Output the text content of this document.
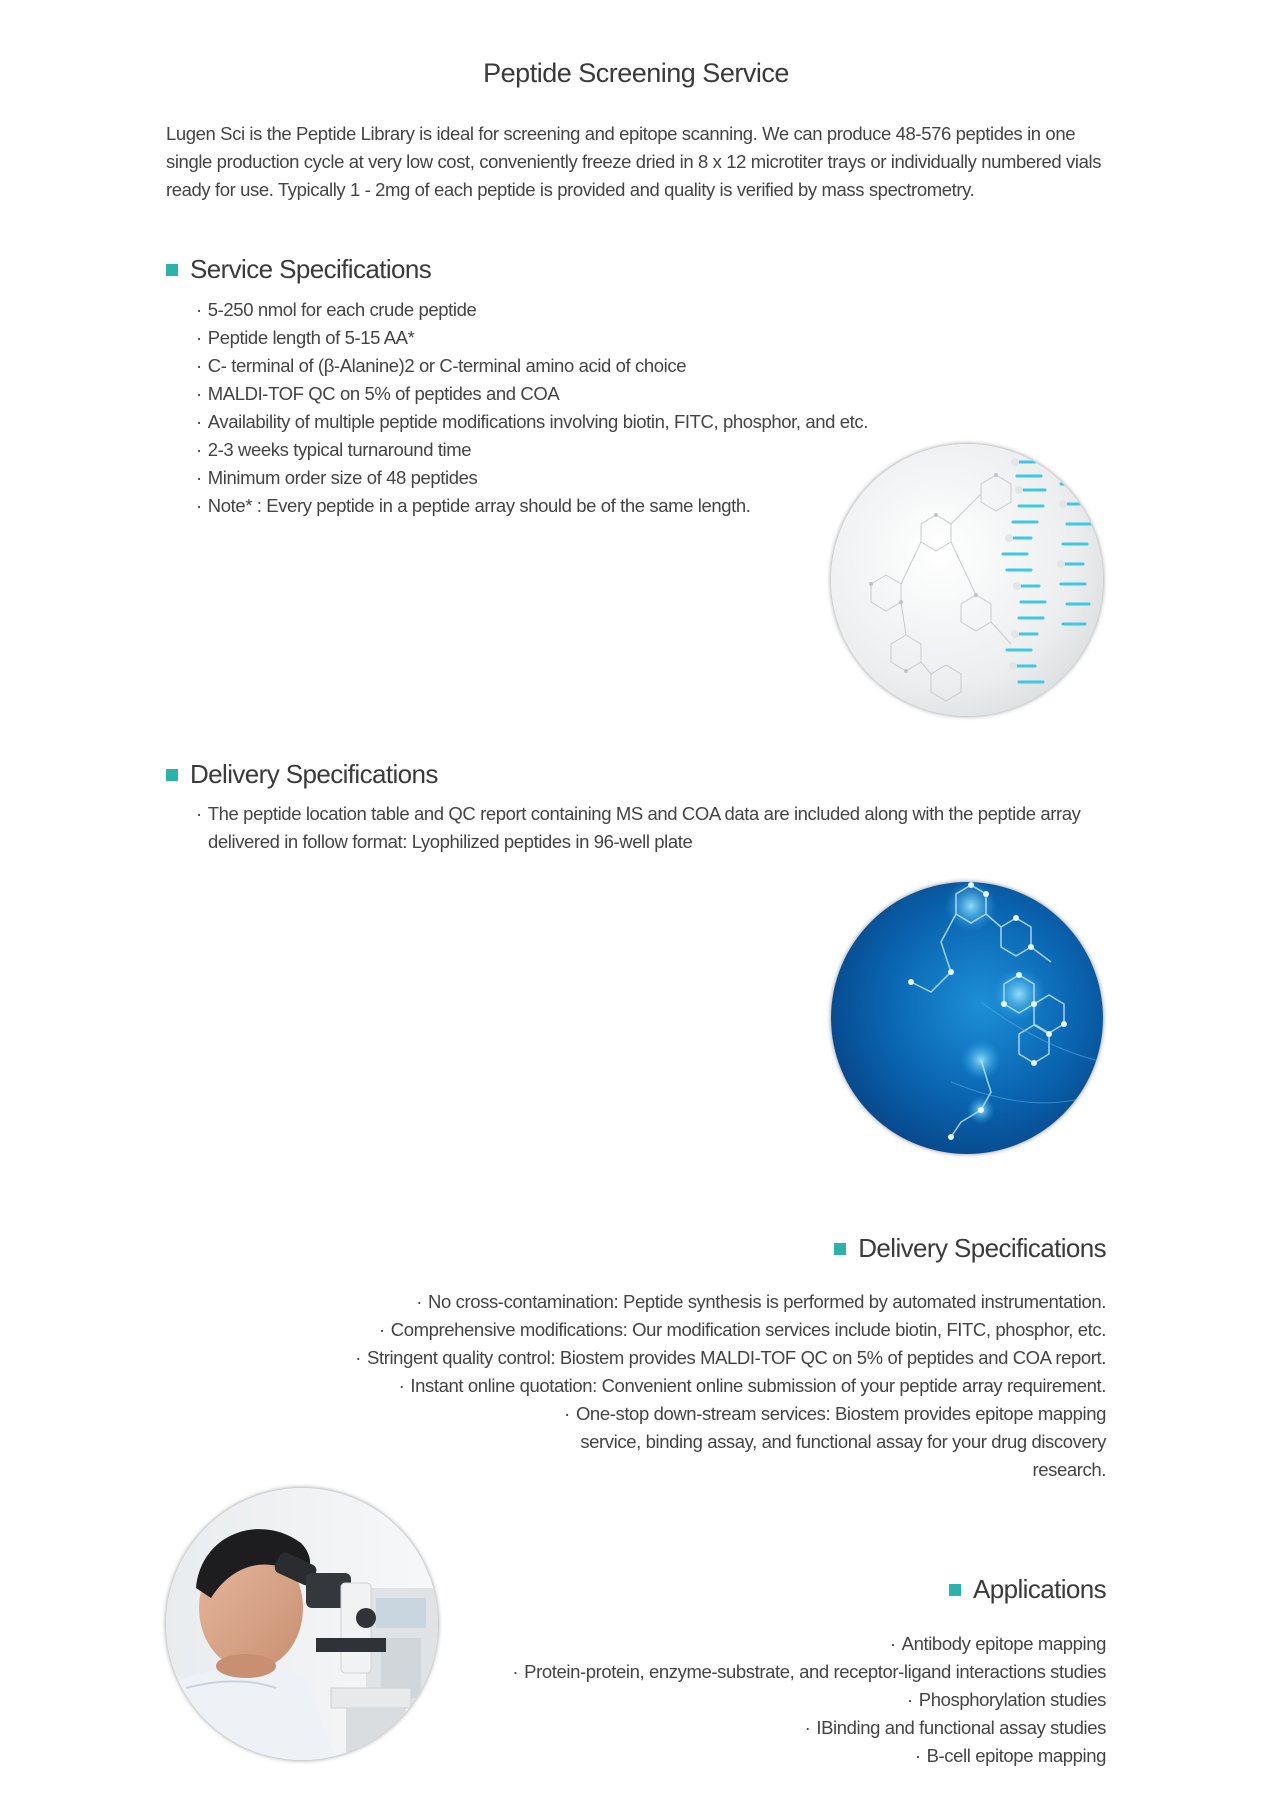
Peptide Screening Service
Lugen Sci is the Peptide Library is ideal for screening and epitope scanning. We can produce 48-576 peptides in one single production cycle at very low cost, conveniently freeze dried in 8 x 12 microtiter trays or individually numbered vials ready for use. Typically 1 - 2mg of each peptide is provided and quality is verified by mass spectrometry.
Service Specifications
· 5-250 nmol for each crude peptide
· Peptide length of 5-15 AA*
· C- terminal of (β-Alanine)2 or C-terminal amino acid of choice
· MALDI-TOF QC on 5% of peptides and COA
· Availability of multiple peptide modifications involving biotin, FITC, phosphor, and etc.
· 2-3 weeks typical turnaround time
· Minimum order size of 48 peptides
· Note* : Every peptide in a peptide array should be of the same length.
Delivery Specifications
· The peptide location table and QC report containing MS and COA data are included along with the peptide array delivered in follow format: Lyophilized peptides in 96-well plate
Delivery Specifications
· No cross-contamination: Peptide synthesis is performed by automated instrumentation.
· Comprehensive modifications: Our modification services include biotin, FITC, phosphor, etc.
· Stringent quality control: Biostem provides MALDI-TOF QC on 5% of peptides and COA report.
· Instant online quotation: Convenient online submission of your peptide array requirement.
· One-stop down-stream services: Biostem provides epitope mapping service, binding assay, and functional assay for your drug discovery research.
Applications
· Antibody epitope mapping
· Protein-protein, enzyme-substrate, and receptor-ligand interactions studies
· Phosphorylation studies
· IBinding and functional assay studies
· B-cell epitope mapping
